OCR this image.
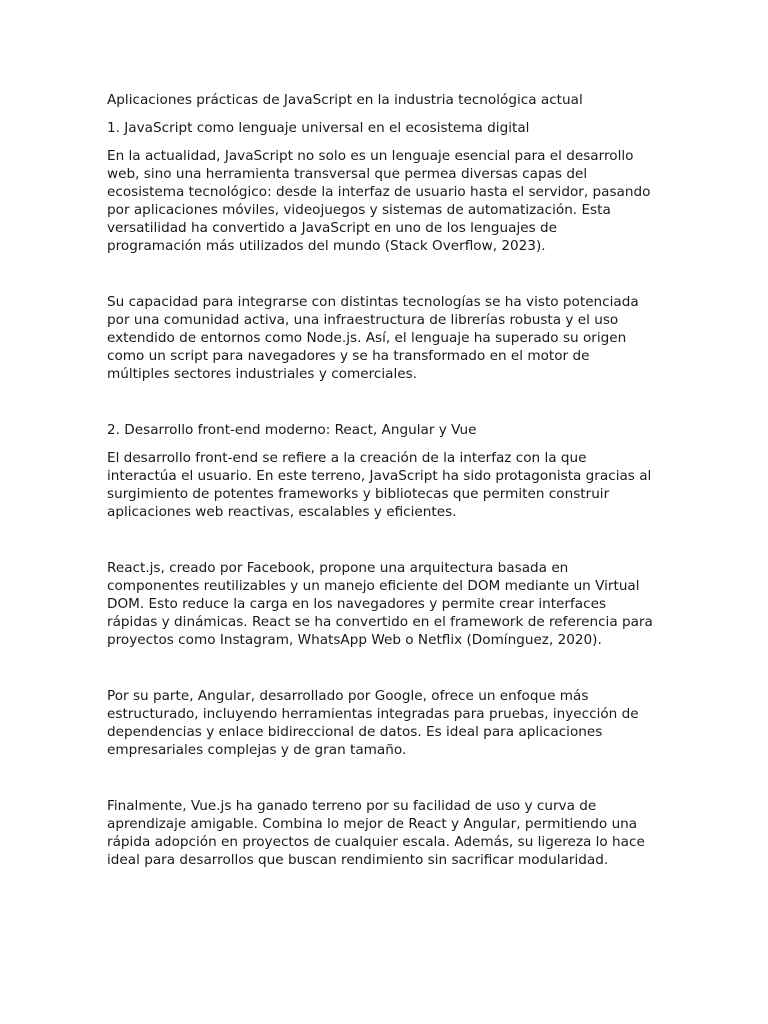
Aplicaciones prácticas de JavaScript en la industria tecnológica actual

1. JavaScript como lenguaje universal en el ecosistema digital

En la actualidad, JavaScript no solo es un lenguaje esencial para el desarrollo

web, sino una herramienta transversal que permea diversas capas del

ecosistema tecnológico: desde la interfaz de usuario hasta el servidor, pasando

por aplicaciones móviles, videojuegos y sistemas de automatización. Esta

versatilidad ha convertido a JavaScript en uno de los lenguajes de

programación más utilizados del mundo (Stack Overflow, 2023).

Su capacidad para integrarse con distintas tecnologías se ha visto potenciada

por una comunidad activa, una infraestructura de librerías robusta y el uso

extendido de entornos como Node.js. Así, el lenguaje ha superado su origen

como un script para navegadores y se ha transformado en el motor de

múltiples sectores industriales y comerciales.

2. Desarrollo front-end moderno: React, Angular y Vue

El desarrollo front-end se refiere a la creación de la interfaz con la que

interactúa el usuario. En este terreno, JavaScript ha sido protagonista gracias al

surgimiento de potentes frameworks y bibliotecas que permiten construir

aplicaciones web reactivas, escalables y eficientes.

React.js, creado por Facebook, propone una arquitectura basada en

componentes reutilizables y un manejo eficiente del DOM mediante un Virtual

DOM. Esto reduce la carga en los navegadores y permite crear interfaces

rápidas y dinámicas. React se ha convertido en el framework de referencia para

proyectos como Instagram, WhatsApp Web o Netflix (Domínguez, 2020).

Por su parte, Angular, desarrollado por Google, ofrece un enfoque más

estructurado, incluyendo herramientas integradas para pruebas, inyección de

dependencias y enlace bidireccional de datos. Es ideal para aplicaciones

empresariales complejas y de gran tamaño.

Finalmente, Vue.js ha ganado terreno por su facilidad de uso y curva de

aprendizaje amigable. Combina lo mejor de React y Angular, permitiendo una

rápida adopción en proyectos de cualquier escala. Además, su ligereza lo hace

ideal para desarrollos que buscan rendimiento sin sacrificar modularidad.
